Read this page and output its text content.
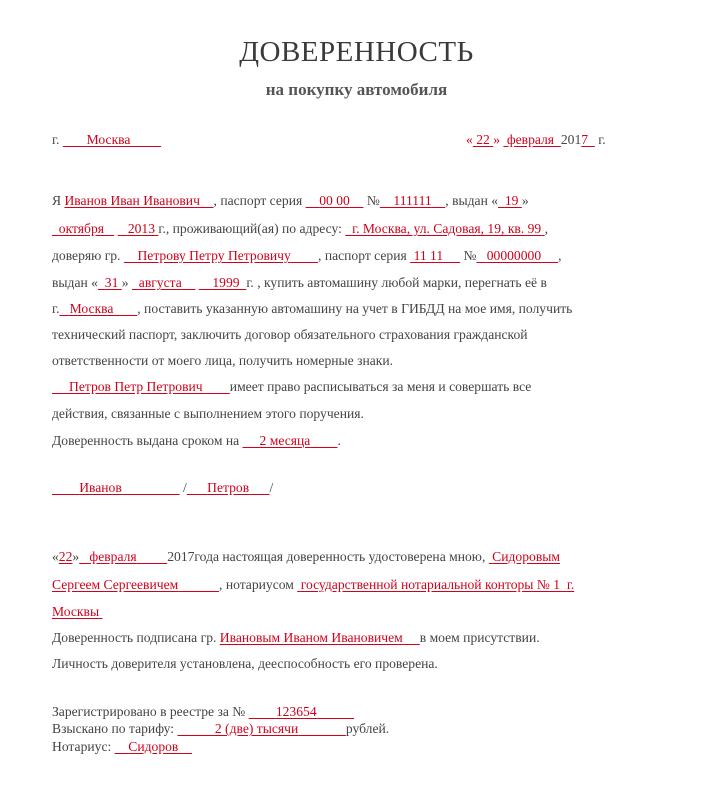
ДОВЕРЕННОСТЬ
на покупку автомобиля
г. Москва	« 22 » февраля 2017 г.
Я Иванов Иван Иванович , паспорт серия 00 00 № 111111 , выдан « 19 »
октября 2013 г., проживающий(ая) по адресу: г. Москва, ул. Садовая, 19, кв. 99 ,
доверяю гр. Петрову Петру Петровичу , паспорт серия 11 11 № 00000000 ,
выдан « 31 » августа 1999 г. , купить автомашину любой марки, перегнать её в
г. Москва , поставить указанную автомашину на учет в ГИБДД на мое имя, получить
технический паспорт, заключить договор обязательного страхования гражданской
ответственности от моего лица, получить номерные знаки.
Петров Петр Петрович имеет право расписываться за меня и совершать все
действия, связанные с выполнением этого поручения.
Доверенность выдана сроком на 2 месяца .
Иванов	/ Петров /
«22» февраля 2017года настоящая доверенность удостоверена мною, Сидоровым
Сергеем Сергеевичем	, нотариусом государственной нотариальной конторы № 1 г.
Москвы
Доверенность подписана гр. Ивановым Иваном Ивановичем в моем присутствии.
Личность доверителя установлена, дееспособность его проверена.
Зарегистрировано в реестре за № 123654
Взыскано по тарифу:	2 (две) тысячи	рублей.
Нотариус: Сидоров
